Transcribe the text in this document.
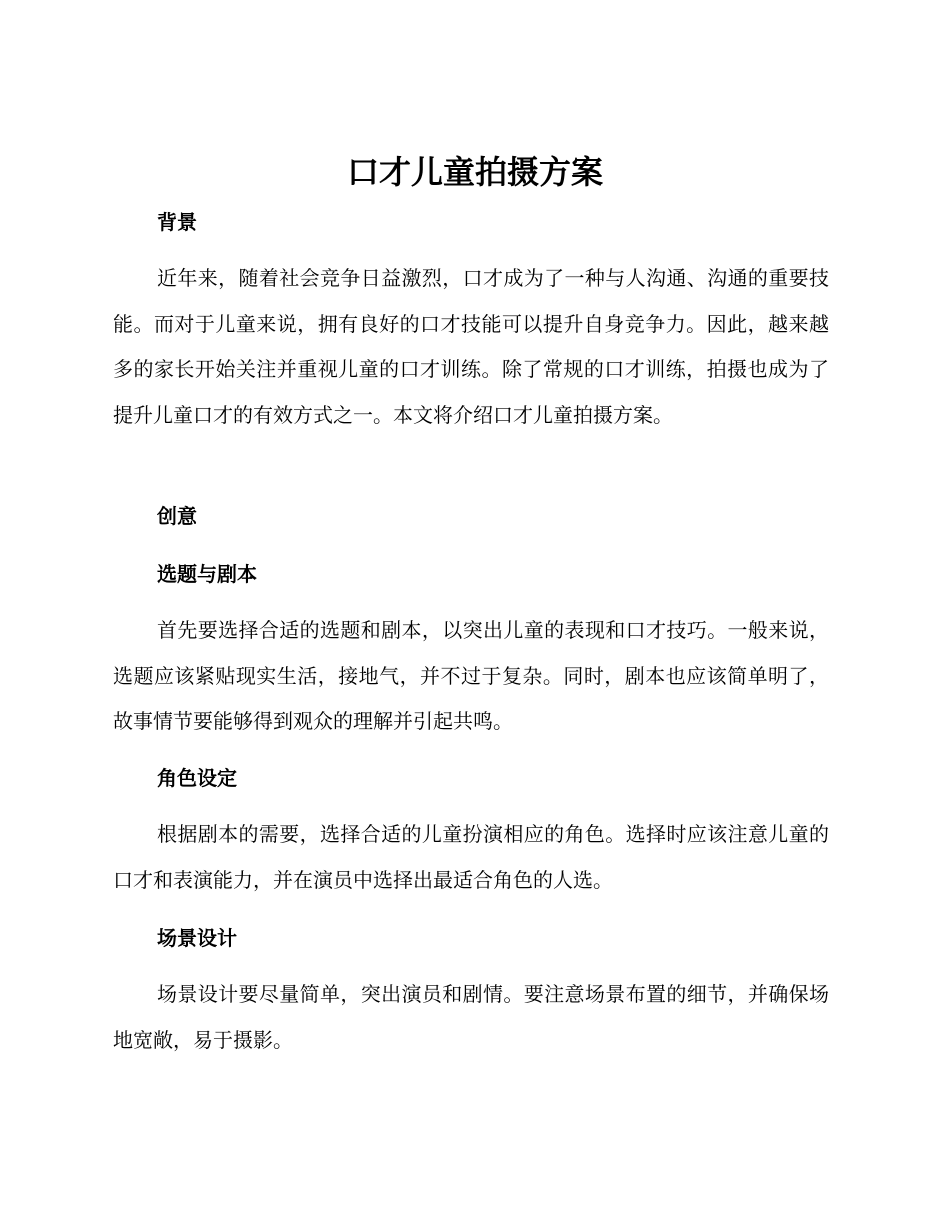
口才儿童拍摄方案
背景

近年来，随着社会竞争日益激烈，口才成为了一种与人沟通、沟通的重要技能。而对于儿童来说，拥有良好的口才技能可以提升自身竞争力。因此，越来越多的家长开始关注并重视儿童的口才训练。除了常规的口才训练，拍摄也成为了提升儿童口才的有效方式之一。本文将介绍口才儿童拍摄方案。

创意
选题与剧本

首先要选择合适的选题和剧本，以突出儿童的表现和口才技巧。一般来说，选题应该紧贴现实生活，接地气，并不过于复杂。同时，剧本也应该简单明了，故事情节要能够得到观众的理解并引起共鸣。

角色设定

根据剧本的需要，选择合适的儿童扮演相应的角色。选择时应该注意儿童的口才和表演能力，并在演员中选择出最适合角色的人选。

场景设计

场景设计要尽量简单，突出演员和剧情。要注意场景布置的细节，并确保场地宽敞，易于摄影。
